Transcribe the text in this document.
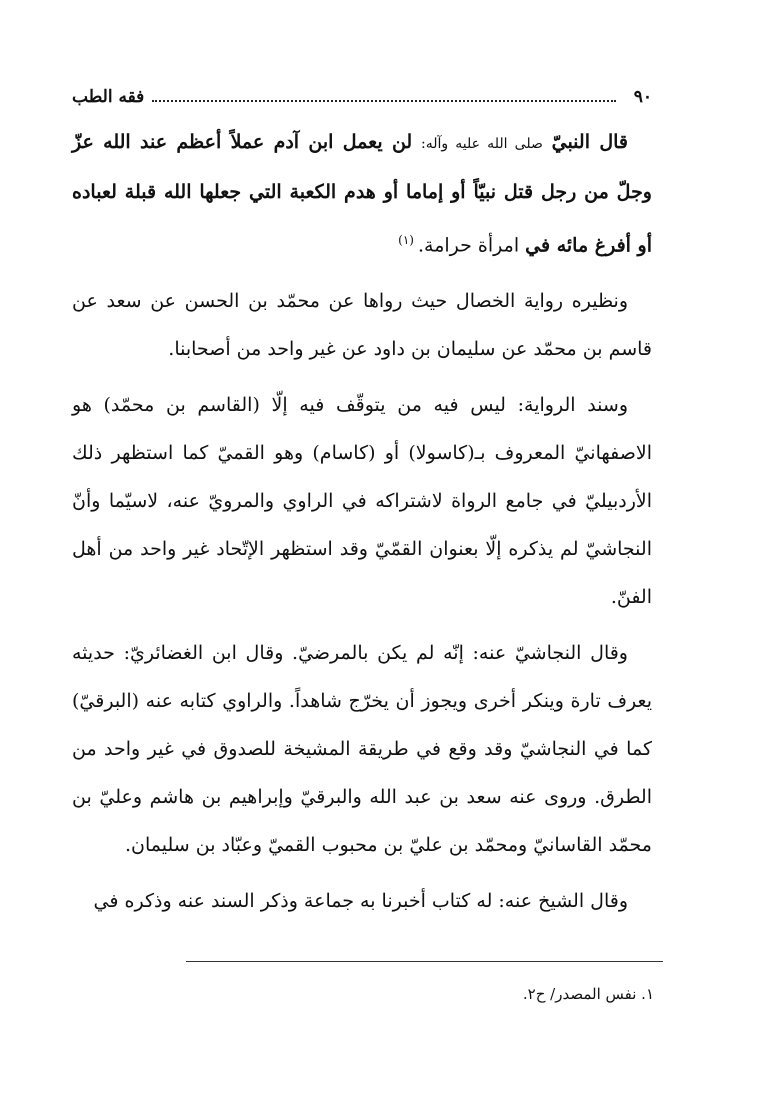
٩٠
فقه الطب

قال النبيّ صلى الله عليه وآله: لن يعمل ابن آدم عملاً أعظم عند الله عزّ وجلّ من رجل قتل نبيّاً أو إماما أو هدم الكعبة التي جعلها الله قبلة لعباده أو أفرغ مائه في امرأة حرامة.$^{(١)}$

ونظيره رواية الخصال حيث رواها عن محمّد بن الحسن عن سعد عن قاسم بن محمّد عن سليمان بن داود عن غير واحد من أصحابنا.

وسند الرواية: ليس فيه من يتوقّف فيه إلّا (القاسم بن محمّد) هو الاصفهانيّ المعروف بـ(كاسولا) أو (كاسام) وهو القميّ كما استظهر ذلك الأردبيليّ في جامع الرواة لاشتراكه في الراوي والمرويّ عنه، لاسيّما وأنّ النجاشيّ لم يذكره إلّا بعنوان القمّيّ وقد استظهر الإتّحاد غير واحد من أهل الفنّ.

وقال النجاشيّ عنه: إنّه لم يكن بالمرضيّ. وقال ابن الغضائريّ: حديثه يعرف تارة وينكر أخرى ويجوز أن يخرّج شاهداً. والراوي كتابه عنه (البرقيّ) كما في النجاشيّ وقد وقع في طريقة المشيخة للصدوق في غير واحد من الطرق. وروى عنه سعد بن عبد الله والبرقيّ وإبراهيم بن هاشم وعليّ بن محمّد القاسانيّ ومحمّد بن عليّ بن محبوب القميّ وعبّاد بن سليمان.

وقال الشيخ عنه: له كتاب أخبرنا به جماعة وذكر السند عنه وذكره في

١. نفس المصدر/ ح٢.
